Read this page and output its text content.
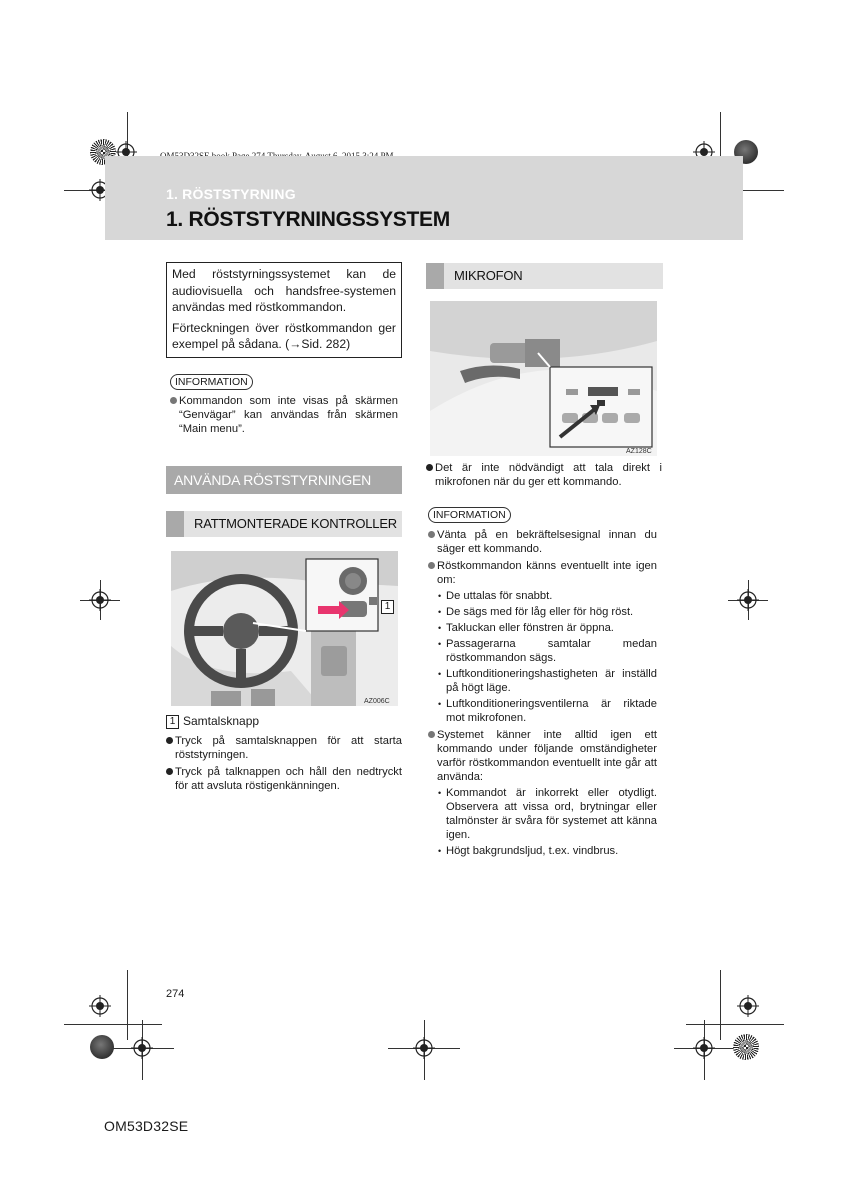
1. RÖSTSTYRNING
1. RÖSTSTYRNINGSSYSTEM

Med röststyrningssystemet kan de audiovisuella och handsfree-systemen användas med röstkommandon.

Förteckningen över röstkommandon ger exempel på sådana. (→Sid. 282)

INFORMATION
Kommandon som inte visas på skärmen “Genvägar” kan användas från skärmen “Main menu”.
ANVÄNDA RÖSTSTYRNINGEN
RATTMONTERADE KONTROLLER
AZ006C
1
1 Samtalsknapp
Tryck på samtalsknappen för att starta röststyrningen.
Tryck på talknappen och håll den nedtryckt för att avsluta röstigenkänningen.
MIKROFON
AZ128C
Det är inte nödvändigt att tala direkt i mikrofonen när du ger ett kommando.
INFORMATION
Vänta på en bekräftelsesignal innan du säger ett kommando.
Röstkommandon känns eventuellt inte igen om:
• De uttalas för snabbt.
• De sägs med för låg eller för hög röst.
• Takluckan eller fönstren är öppna.
• Passagerarna samtalar medan röstkommandon sägs.
• Luftkonditioneringshastigheten är inställd på högt läge.
• Luftkonditioneringsventilerna är riktade mot mikrofonen.
Systemet känner inte alltid igen ett kommando under följande omständigheter varför röstkommandon eventuellt inte går att använda:
• Kommandot är inkorrekt eller otydligt. Observera att vissa ord, brytningar eller talmönster är svåra för systemet att känna igen.
• Högt bakgrundsljud, t.ex. vindbrus.
274
OM53D32SE
